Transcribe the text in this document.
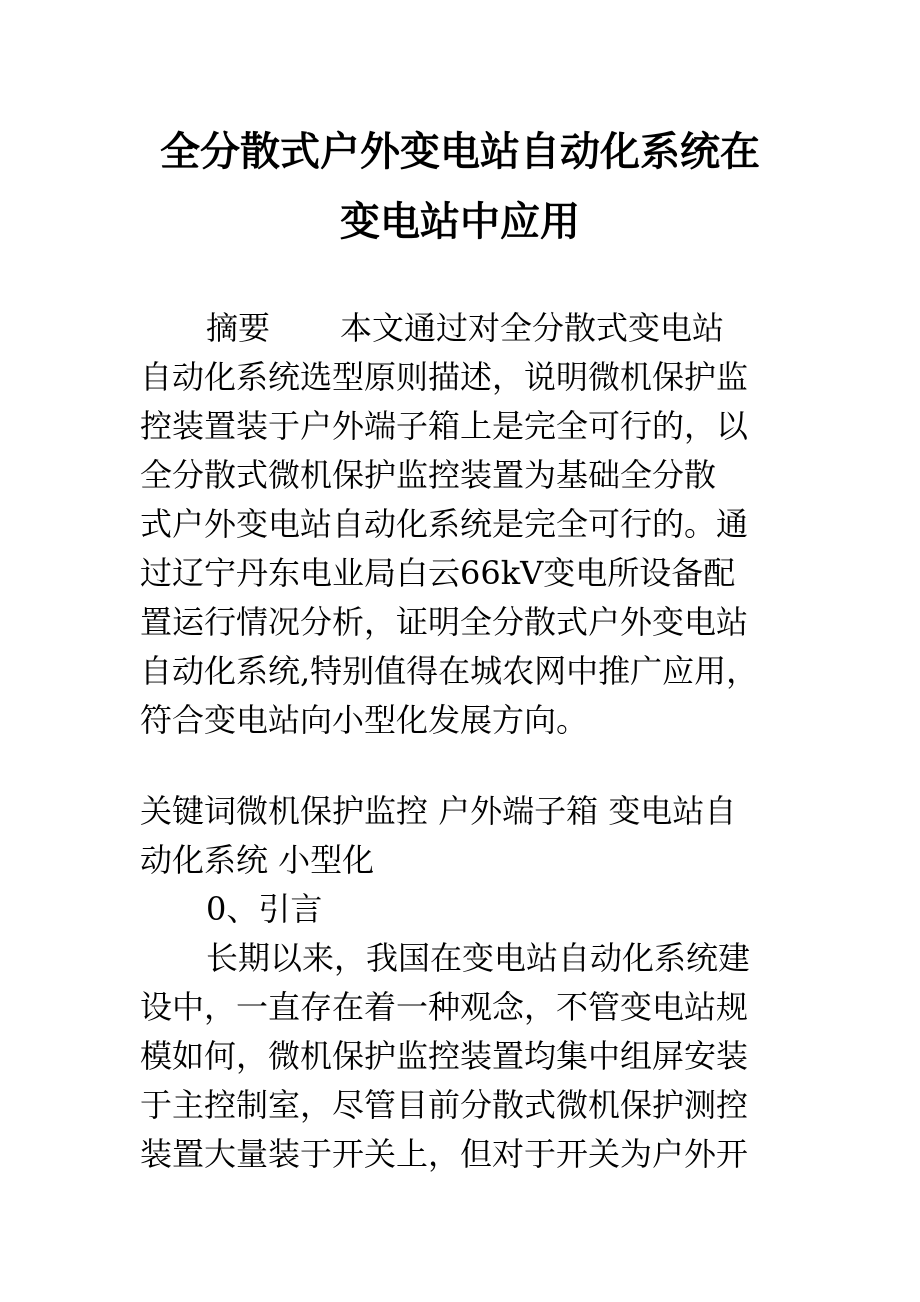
全分散式户外变电站自动化系统在
变电站中应用
摘要 本文通过对全分散式变电站
自动化系统选型原则描述，说明微机保护监
控装置装于户外端子箱上是完全可行的，以
全分散式微机保护监控装置为基础全分散
式户外变电站自动化系统是完全可行的。通
过辽宁丹东电业局白云66kV变电所设备配
置运行情况分析，证明全分散式户外变电站
自动化系统,特别值得在城农网中推广应用，
符合变电站向小型化发展方向。
关键词微机保护监控 户外端子箱 变电站自
动化系统 小型化
0、引言
长期以来，我国在变电站自动化系统建
设中，一直存在着一种观念，不管变电站规
模如何，微机保护监控装置均集中组屏安装
于主控制室，尽管目前分散式微机保护测控
装置大量装于开关上，但对于开关为户外开
